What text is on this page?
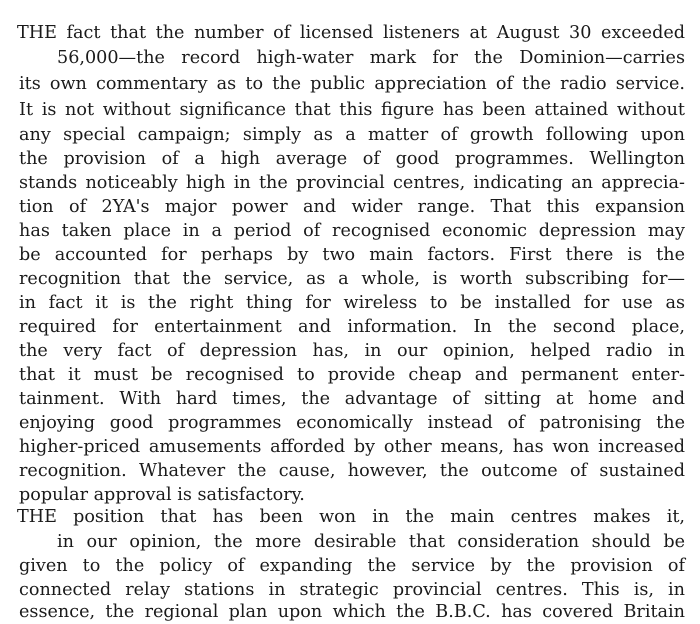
THE fact that the number of licensed listeners at August 30 exceeded
56,000—the record high-water mark for the Dominion—carries
its own commentary as to the public appreciation of the radio service.
It is not without significance that this figure has been attained without
any special campaign; simply as a matter of growth following upon
the provision of a high average of good programmes. Wellington
stands noticeably high in the provincial centres, indicating an apprecia-
tion of 2YA's major power and wider range. That this expansion
has taken place in a period of recognised economic depression may
be accounted for perhaps by two main factors. First there is the
recognition that the service, as a whole, is worth subscribing for—
in fact it is the right thing for wireless to be installed for use as
required for entertainment and information. In the second place,
the very fact of depression has, in our opinion, helped radio in
that it must be recognised to provide cheap and permanent enter-
tainment. With hard times, the advantage of sitting at home and
enjoying good programmes economically instead of patronising the
higher-priced amusements afforded by other means, has won increased
recognition. Whatever the cause, however, the outcome of sustained
popular approval is satisfactory.
THE position that has been won in the main centres makes it,
in our opinion, the more desirable that consideration should be
given to the policy of expanding the service by the provision of
connected relay stations in strategic provincial centres. This is, in
essence, the regional plan upon which the B.B.C. has covered Britain
